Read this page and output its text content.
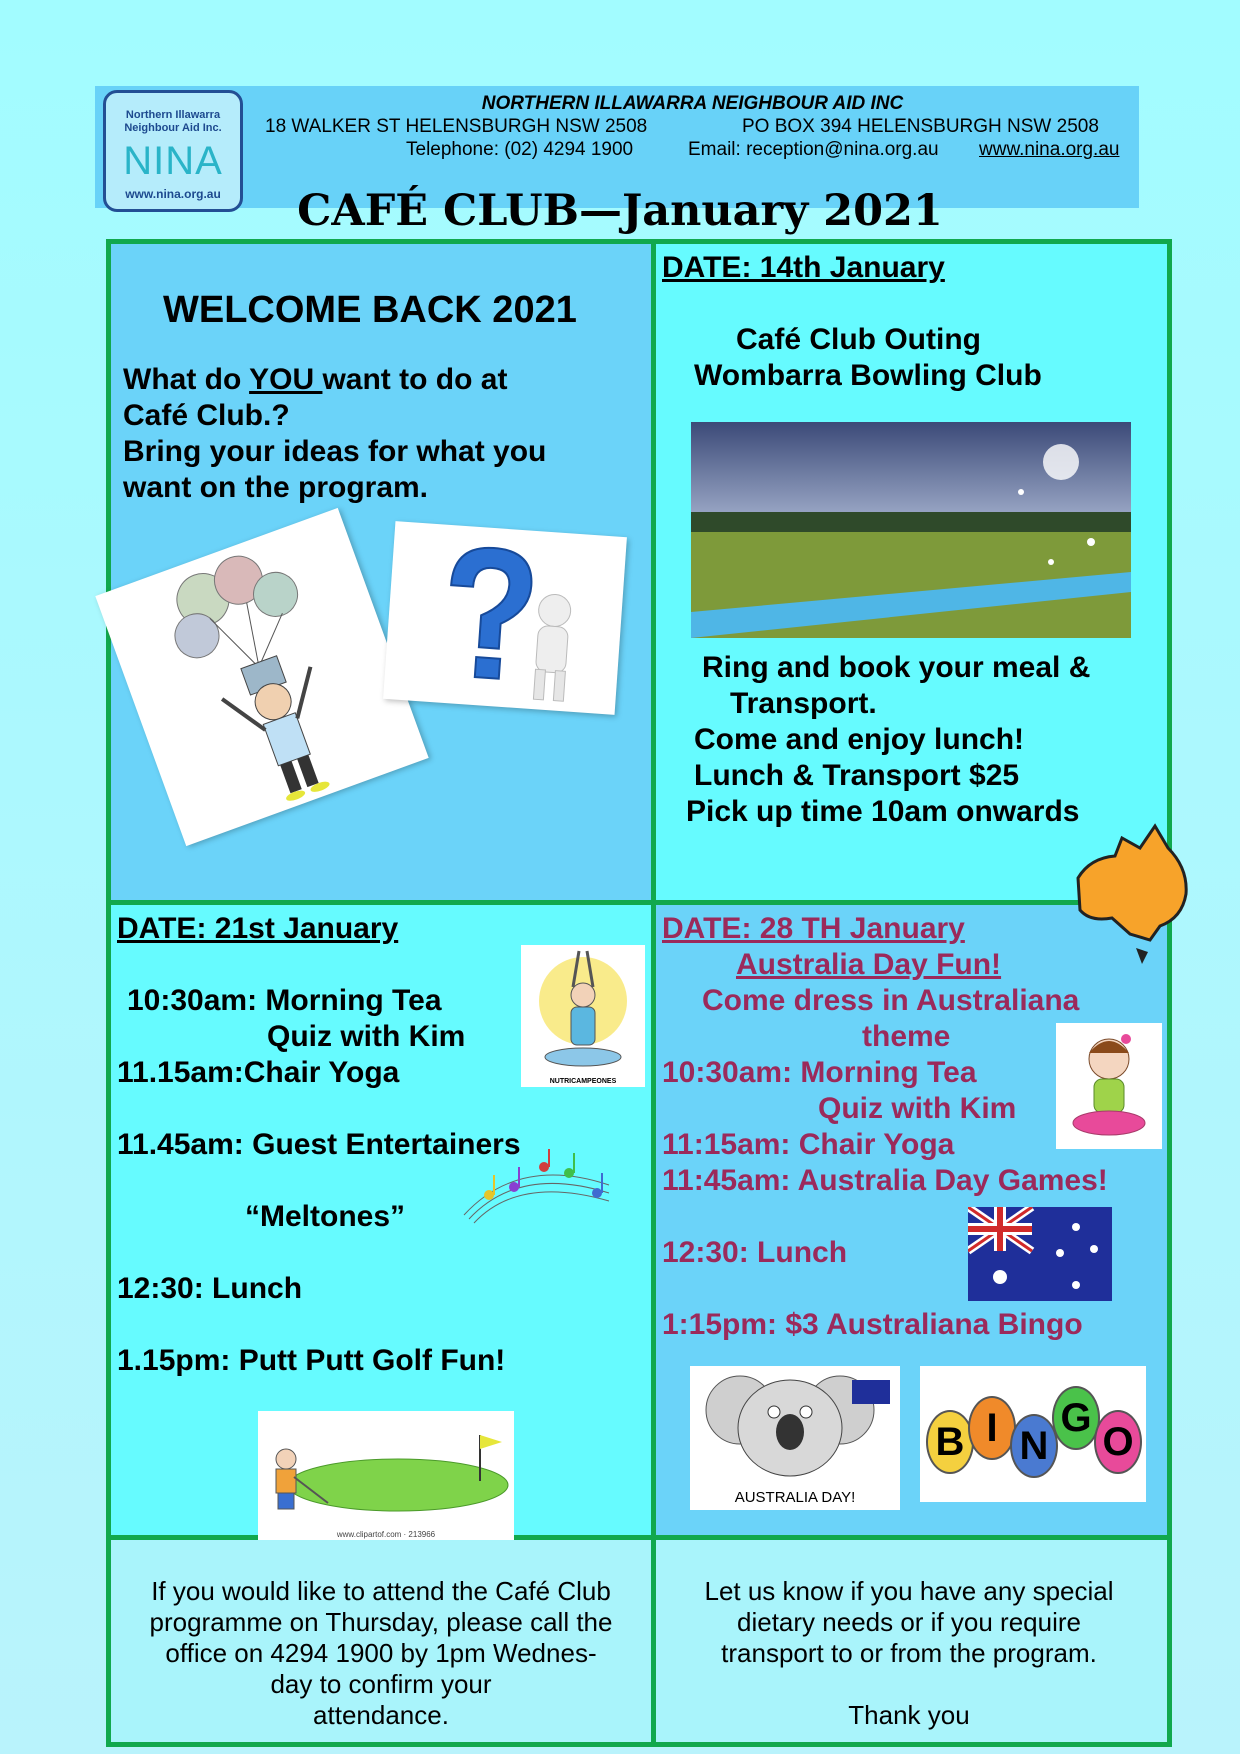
Northern Illawarra
Neighbour Aid Inc.
NINA
www.nina.org.au
NORTHERN ILLAWARRA NEIGHBOUR AID INC
18 WALKER ST HELENSBURGH NSW 2508	PO BOX 394 HELENSBURGH NSW 2508
Telephone: (02) 4294 1900	Email: reception@nina.org.au www.nina.org.au
CAFÉ CLUB—January 2021
WELCOME BACK 2021
What do YOU want to do at
Café Club.?
Bring your ideas for what you
want on the program.
DATE: 14th January
Café Club Outing
Wombarra Bowling Club
Ring and book your meal &
Transport.
Come and enjoy lunch!
Lunch & Transport $25
Pick up time 10am onwards
DATE: 21st January
10:30am: Morning Tea
Quiz with Kim
11.15am:Chair Yoga
11.45am: Guest Entertainers
“Meltones”
12:30: Lunch
1.15pm: Putt Putt Golf Fun!
NUTRICAMPEONES
www.clipartof.com · 213966
DATE: 28 TH January
Australia Day Fun!
Come dress in Australiana
theme
10:30am: Morning Tea
Quiz with Kim
11:15am: Chair Yoga
11:45am: Australia Day Games!
12:30: Lunch
1:15pm: $3 Australiana Bingo
AUSTRALIA DAY!
B I N
G
O
If you would like to attend the Café Club
programme on Thursday, please call the
office on 4294 1900 by 1pm Wednes-
day to confirm your
attendance.
Let us know if you have any special
dietary needs or if you require
transport to or from the program.
Thank you
